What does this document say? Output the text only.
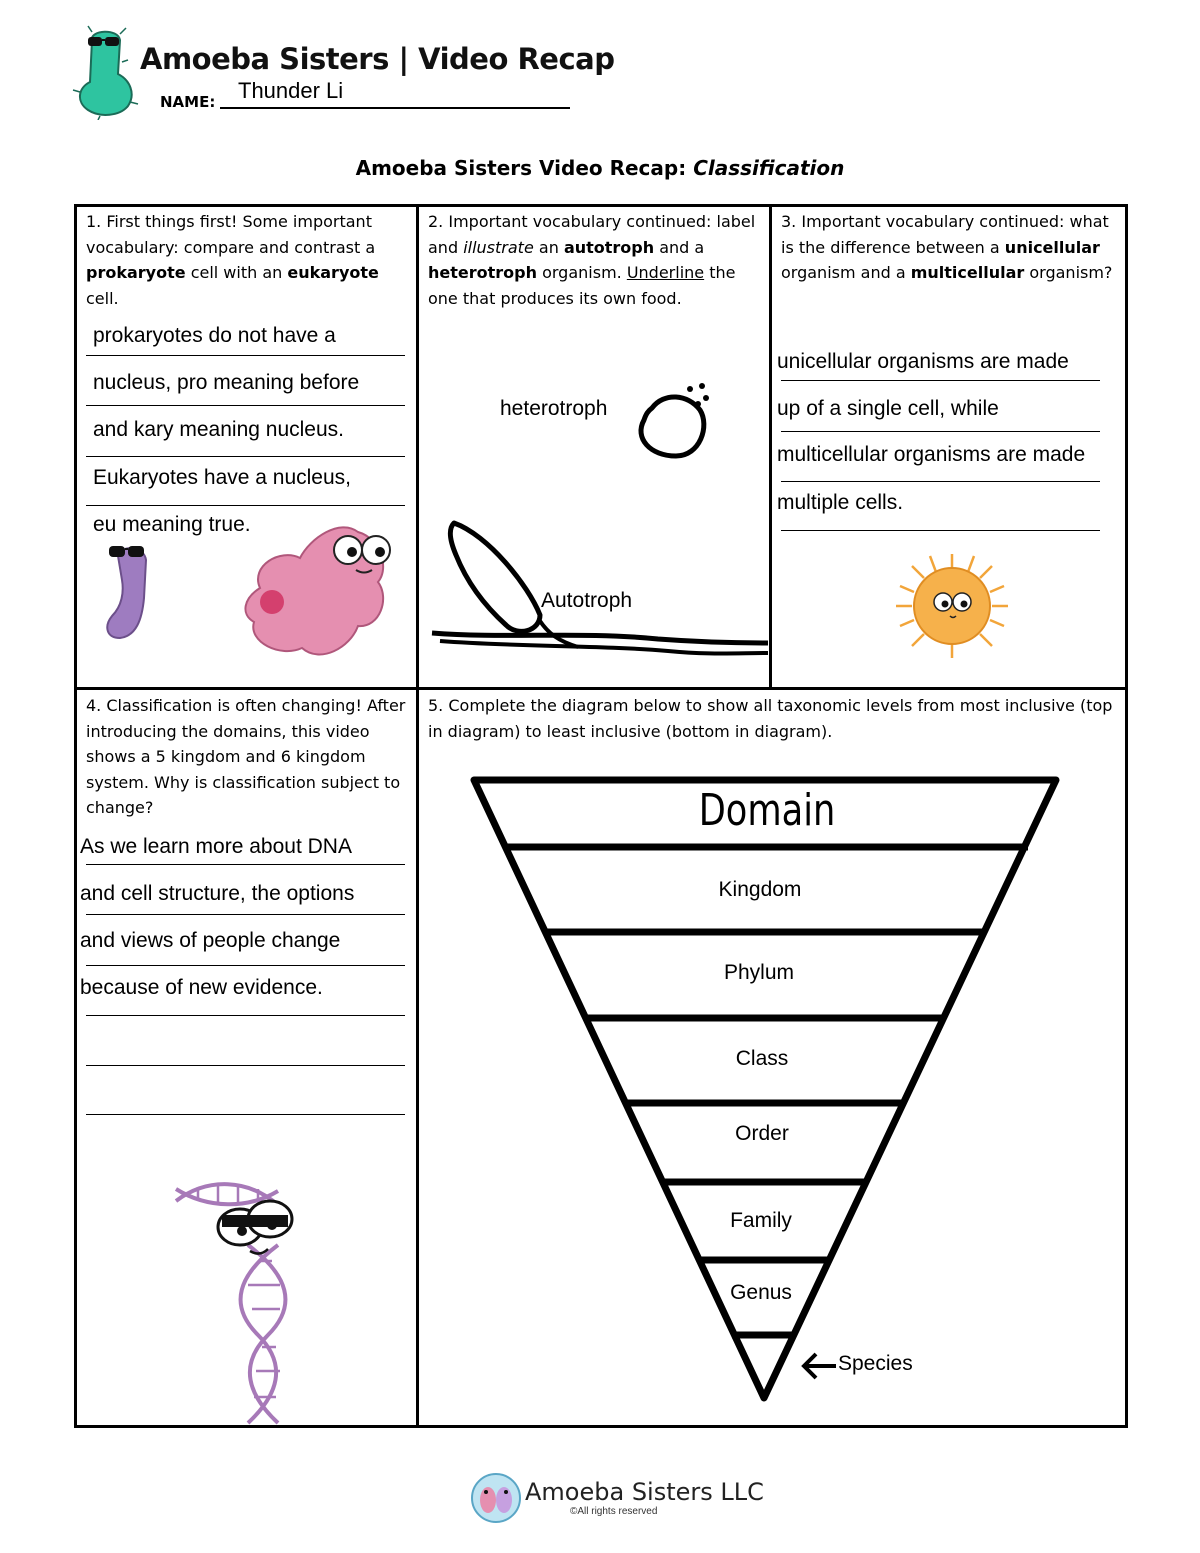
Amoeba Sisters | Video Recap
NAME: Thunder Li
Amoeba Sisters Video Recap: Classification
1. First things first! Some important vocabulary: compare and contrast a prokaryote cell with an eukaryote cell.
prokaryotes do not have a
nucleus, pro meaning before
and kary meaning nucleus.
Eukaryotes have a nucleus,
eu meaning true.
2. Important vocabulary continued: label and illustrate an autotroph and a heterotroph organism. Underline the one that produces its own food.
heterotroph
Autotroph
3. Important vocabulary continued: what is the difference between a unicellular organism and a multicellular organism?
unicellular organisms are made
up of a single cell, while
multicellular organisms are made
multiple cells.
4. Classification is often changing! After introducing the domains, this video shows a 5 kingdom and 6 kingdom system. Why is classification subject to change?
As we learn more about DNA
and cell structure, the options
and views of people change
because of new evidence.
5. Complete the diagram below to show all taxonomic levels from most inclusive (top in diagram) to least inclusive (bottom in diagram).
Domain
Kingdom
Phylum
Class
Order
Family
Genus
Species
Amoeba Sisters LLC
©All rights reserved
